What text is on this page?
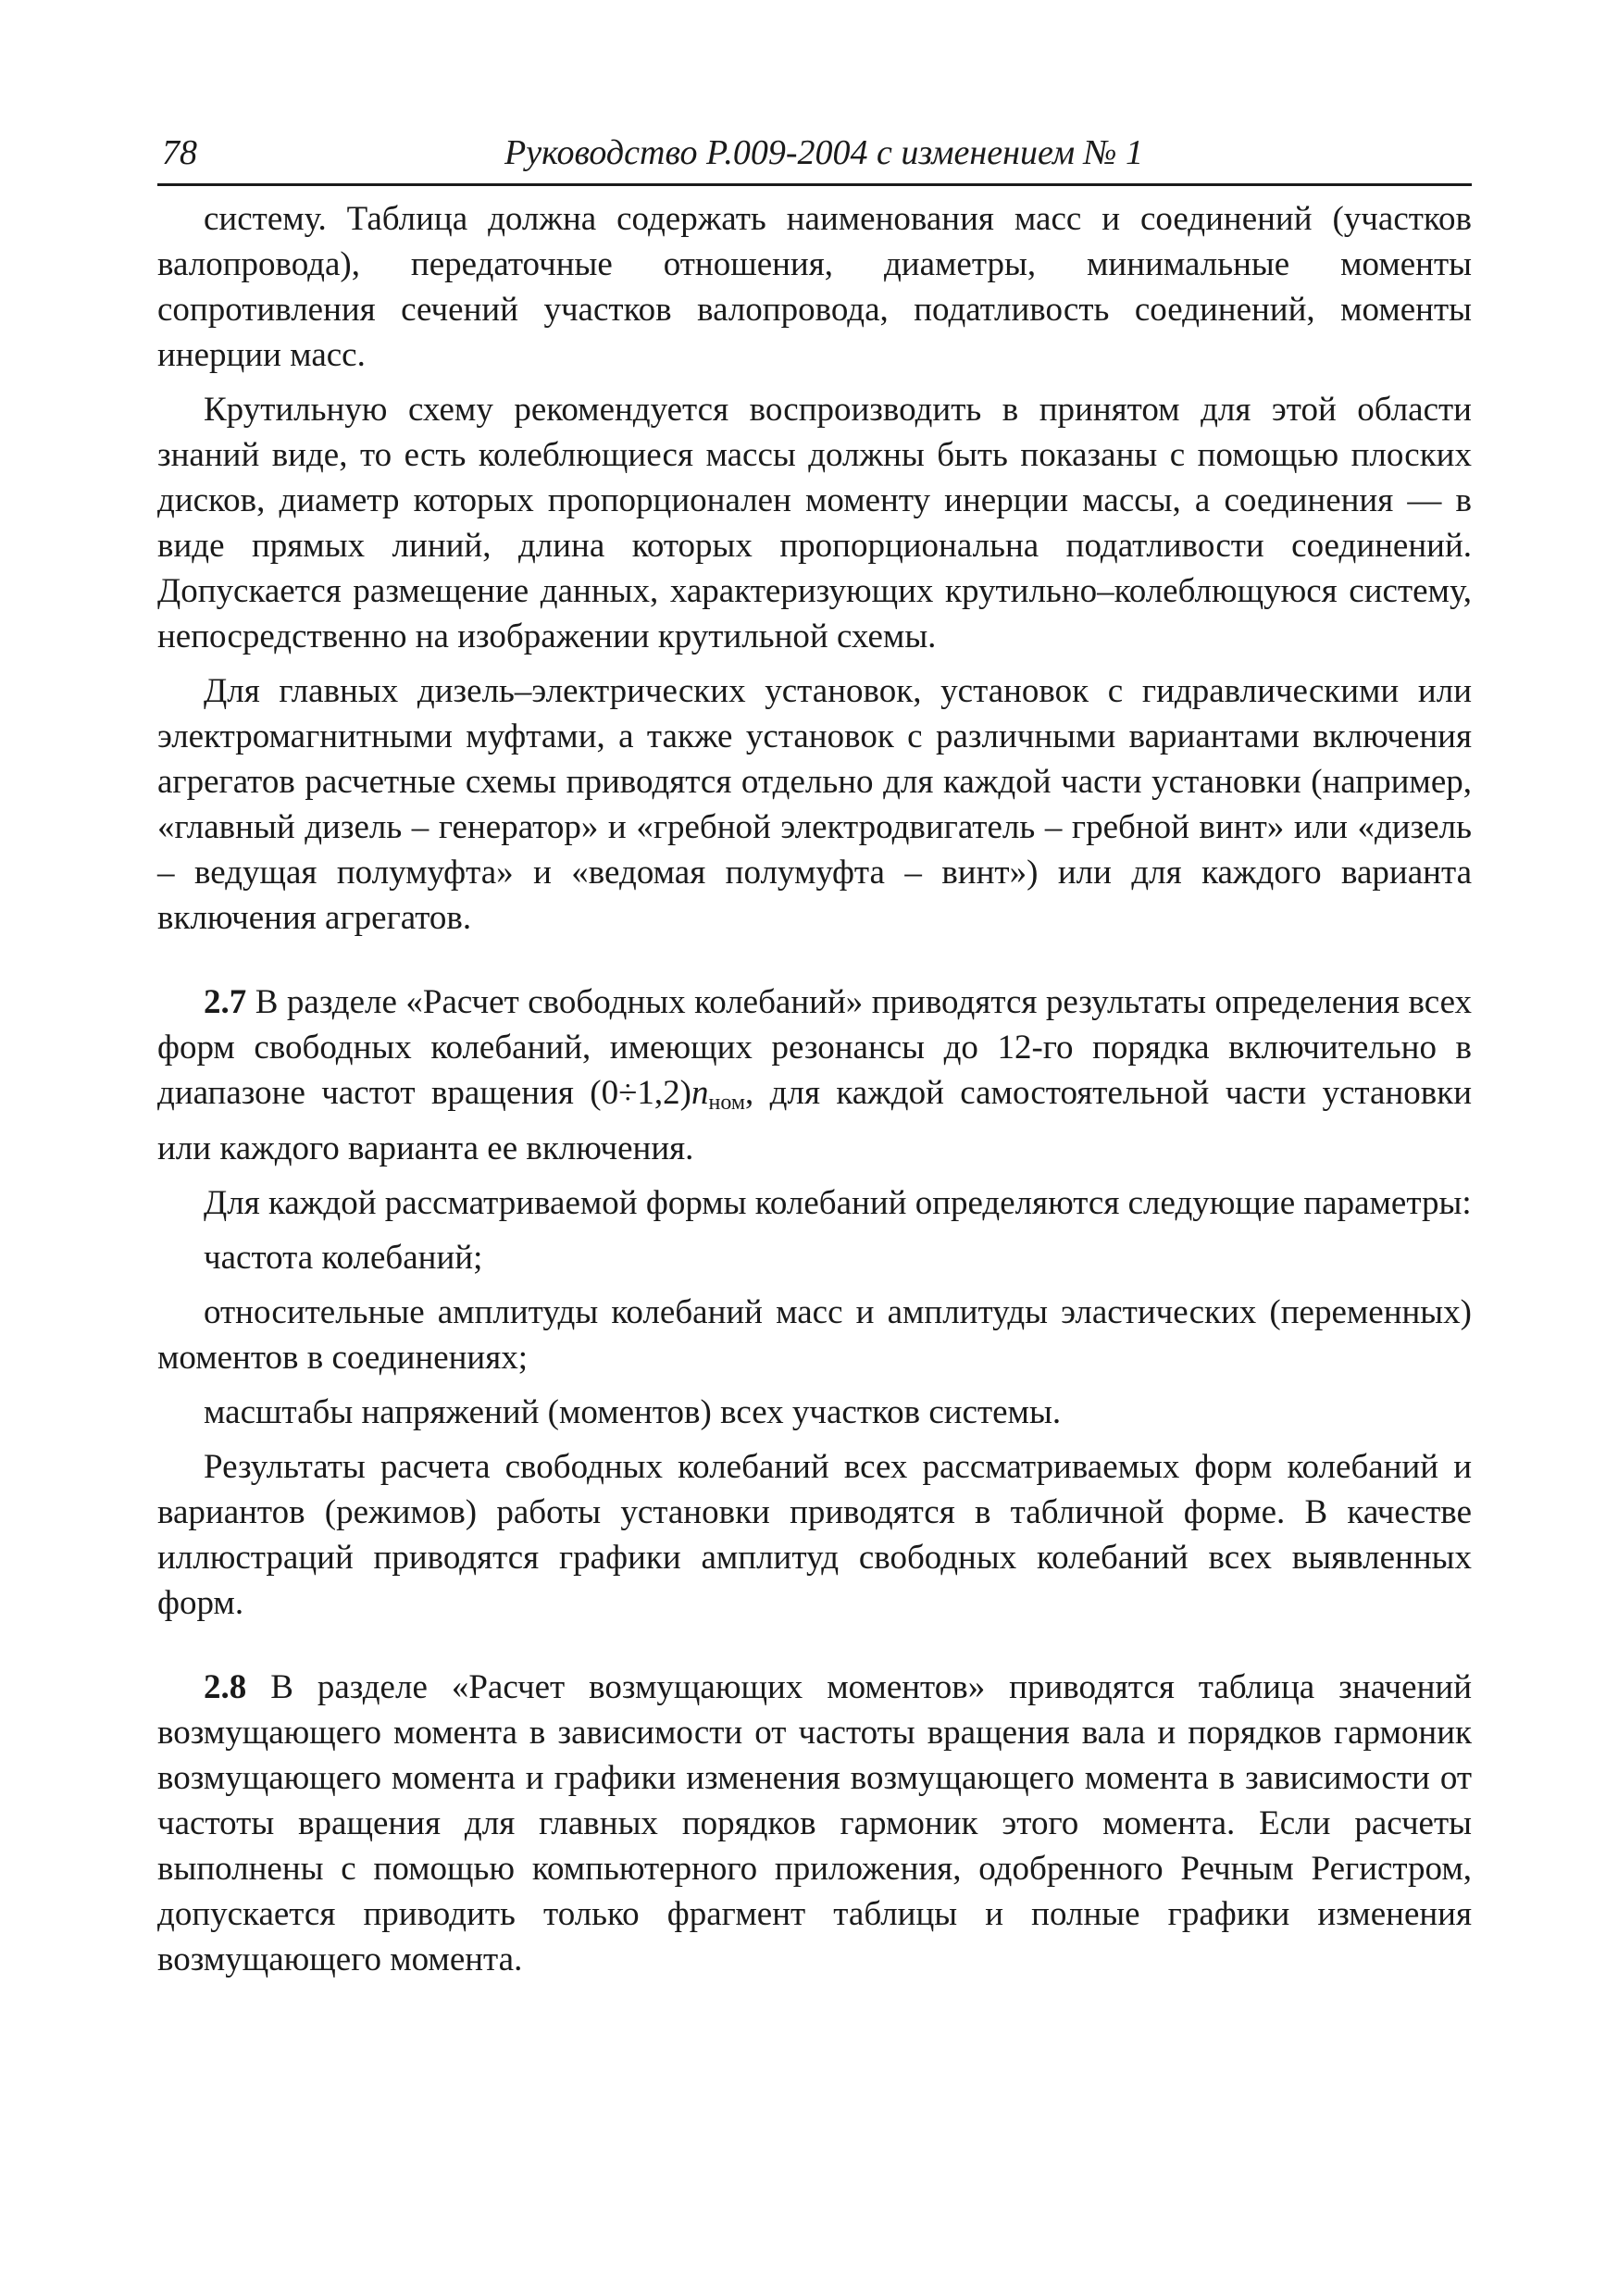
78	Руководство Р.009-2004 с изменением № 1

систему. Таблица должна содержать наименования масс и соединений (участков валопровода), передаточные отношения, диаметры, минимальные моменты сопротивления сечений участков валопровода, податливость соединений, моменты инерции масс.

Крутильную схему рекомендуется воспроизводить в принятом для этой области знаний виде, то есть колеблющиеся массы должны быть показаны с помощью плоских дисков, диаметр которых пропорционален моменту инерции массы, а соединения — в виде прямых линий, длина которых пропорциональна податливости соединений. Допускается размещение данных, характеризующих крутильно–колеблющуюся систему, непосредственно на изображении крутильной схемы.

Для главных дизель–электрических установок, установок с гидравлическими или электромагнитными муфтами, а также установок с различными вариантами включения агрегатов расчетные схемы приводятся отдельно для каждой части установки (например, «главный дизель – генератор» и «гребной электродвигатель – гребной винт» или «дизель – ведущая полумуфта» и «ведомая полумуфта – винт») или для каждого варианта включения агрегатов.

2.7 В разделе «Расчет свободных колебаний» приводятся результаты определения всех форм свободных колебаний, имеющих резонансы до 12-го порядка включительно в диапазоне частот вращения $(0\div 1,2)n_{ном}$, для каждой самостоятельной части установки или каждого варианта ее включения.

Для каждой рассматриваемой формы колебаний определяются следующие параметры:

частота колебаний;

относительные амплитуды колебаний масс и амплитуды эластических (переменных) моментов в соединениях;

масштабы напряжений (моментов) всех участков системы.

Результаты расчета свободных колебаний всех рассматриваемых форм колебаний и вариантов (режимов) работы установки приводятся в табличной форме. В качестве иллюстраций приводятся графики амплитуд свободных колебаний всех выявленных форм.

2.8 В разделе «Расчет возмущающих моментов» приводятся таблица значений возмущающего момента в зависимости от частоты вращения вала и порядков гармоник возмущающего момента и графики изменения возмущающего момента в зависимости от частоты вращения для главных порядков гармоник этого момента. Если расчеты выполнены с помощью компьютерного приложения, одобренного Речным Регистром, допускается приводить только фрагмент таблицы и полные графики изменения возмущающего момента.
